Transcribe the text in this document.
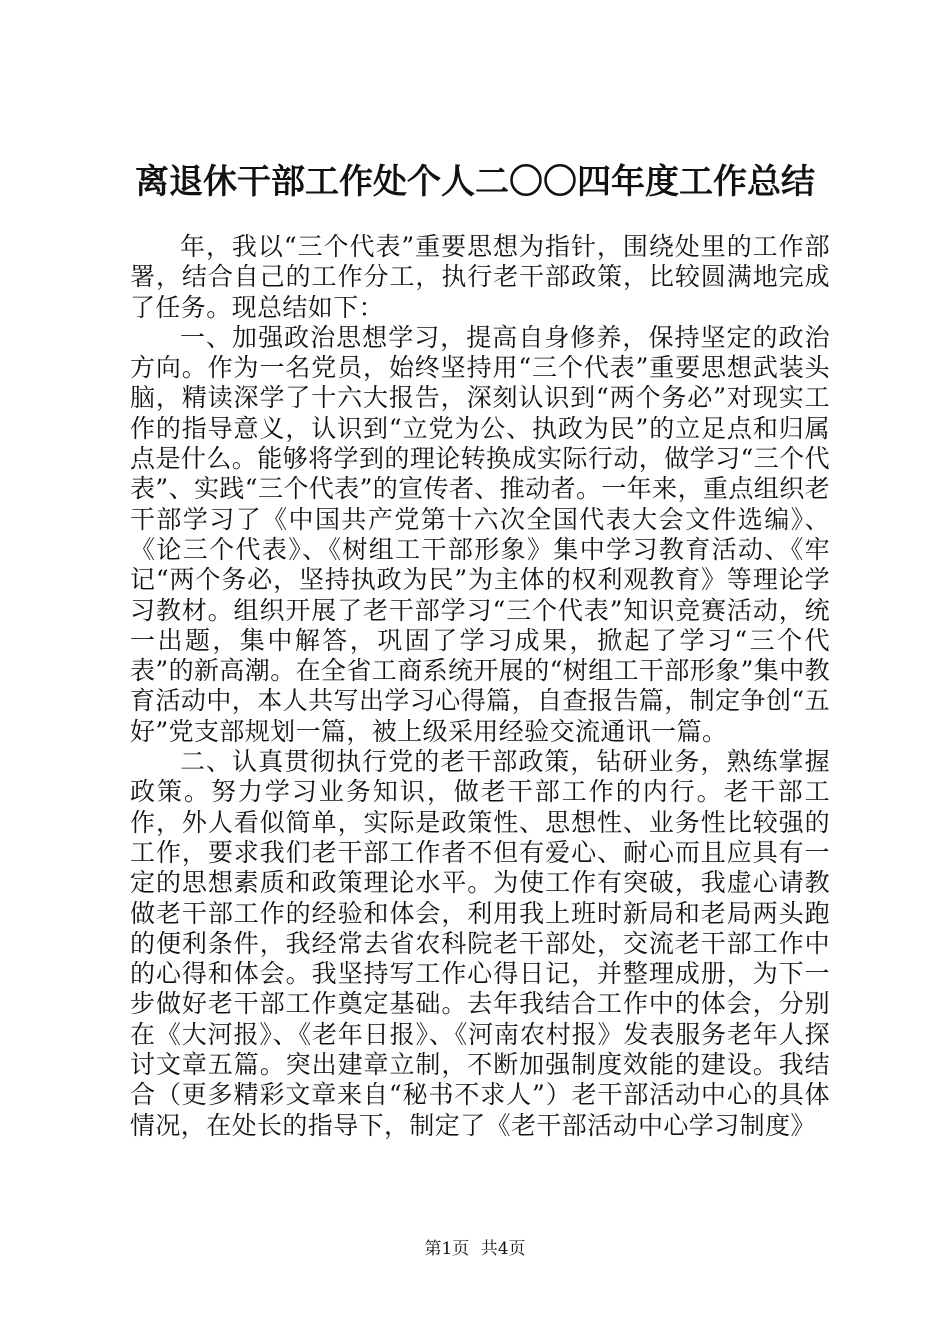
离退休干部工作处个人二〇〇四年度工作总结

年，我以“三个代表”重要思想为指针，围绕处里的工作部署，结合自己的工作分工，执行老干部政策，比较圆满地完成了任务。现总结如下：

一、加强政治思想学习，提高自身修养，保持坚定的政治方向。作为一名党员，始终坚持用“三个代表”重要思想武装头脑，精读深学了十六大报告，深刻认识到“两个务必”对现实工作的指导意义，认识到“立党为公、执政为民”的立足点和归属点是什么。能够将学到的理论转换成实际行动，做学习“三个代表”、实践“三个代表”的宣传者、推动者。一年来，重点组织老干部学习了《中国共产党第十六次全国代表大会文件选编》、《论三个代表》、《树组工干部形象》集中学习教育活动、《牢记“两个务必，坚持执政为民”为主体的权利观教育》等理论学习教材。组织开展了老干部学习“三个代表”知识竞赛活动，统一出题，集中解答，巩固了学习成果，掀起了学习“三个代表”的新高潮。在全省工商系统开展的“树组工干部形象”集中教育活动中，本人共写出学习心得篇，自查报告篇，制定争创“五好”党支部规划一篇，被上级采用经验交流通讯一篇。

二、认真贯彻执行党的老干部政策，钻研业务，熟练掌握政策。努力学习业务知识，做老干部工作的内行。老干部工作，外人看似简单，实际是政策性、思想性、业务性比较强的工作，要求我们老干部工作者不但有爱心、耐心而且应具有一定的思想素质和政策理论水平。为使工作有突破，我虚心请教做老干部工作的经验和体会，利用我上班时新局和老局两头跑的便利条件，我经常去省农科院老干部处，交流老干部工作中的心得和体会。我坚持写工作心得日记，并整理成册，为下一步做好老干部工作奠定基础。去年我结合工作中的体会，分别在《大河报》、《老年日报》、《河南农村报》发表服务老年人探讨文章五篇。突出建章立制，不断加强制度效能的建设。我结合（更多精彩文章来自“秘书不求人”）老干部活动中心的具体情况，在处长的指导下，制定了《老干部活动中心学习制度》

第1页 共4页
